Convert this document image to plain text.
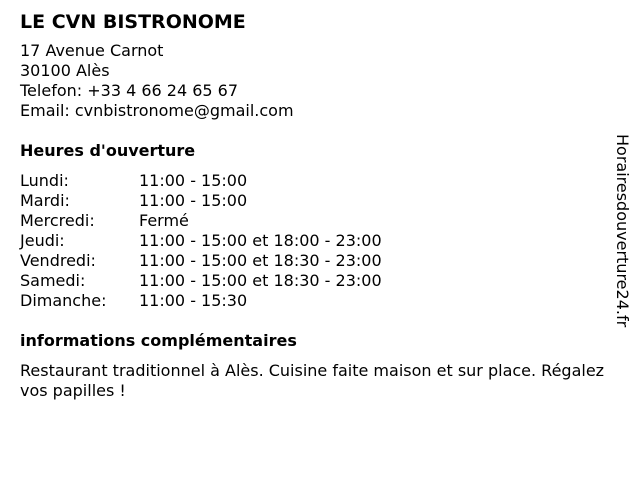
LE CVN BISTRONOME
17 Avenue Carnot
30100 Alès
Telefon: +33 4 66 24 65 67
Email: cvnbistronome@gmail.com
Heures d'ouverture
Lundi:	11:00 - 15:00
Mardi:	11:00 - 15:00
Mercredi:	Fermé
Jeudi:	11:00 - 15:00 et 18:00 - 23:00
Vendredi:	11:00 - 15:00 et 18:30 - 23:00
Samedi:	11:00 - 15:00 et 18:30 - 23:00
Dimanche:	11:00 - 15:30
informations complémentaires
Restaurant traditionnel à Alès. Cuisine faite maison et sur place. Régalez vos papilles !
Horairesdouverture24.fr
